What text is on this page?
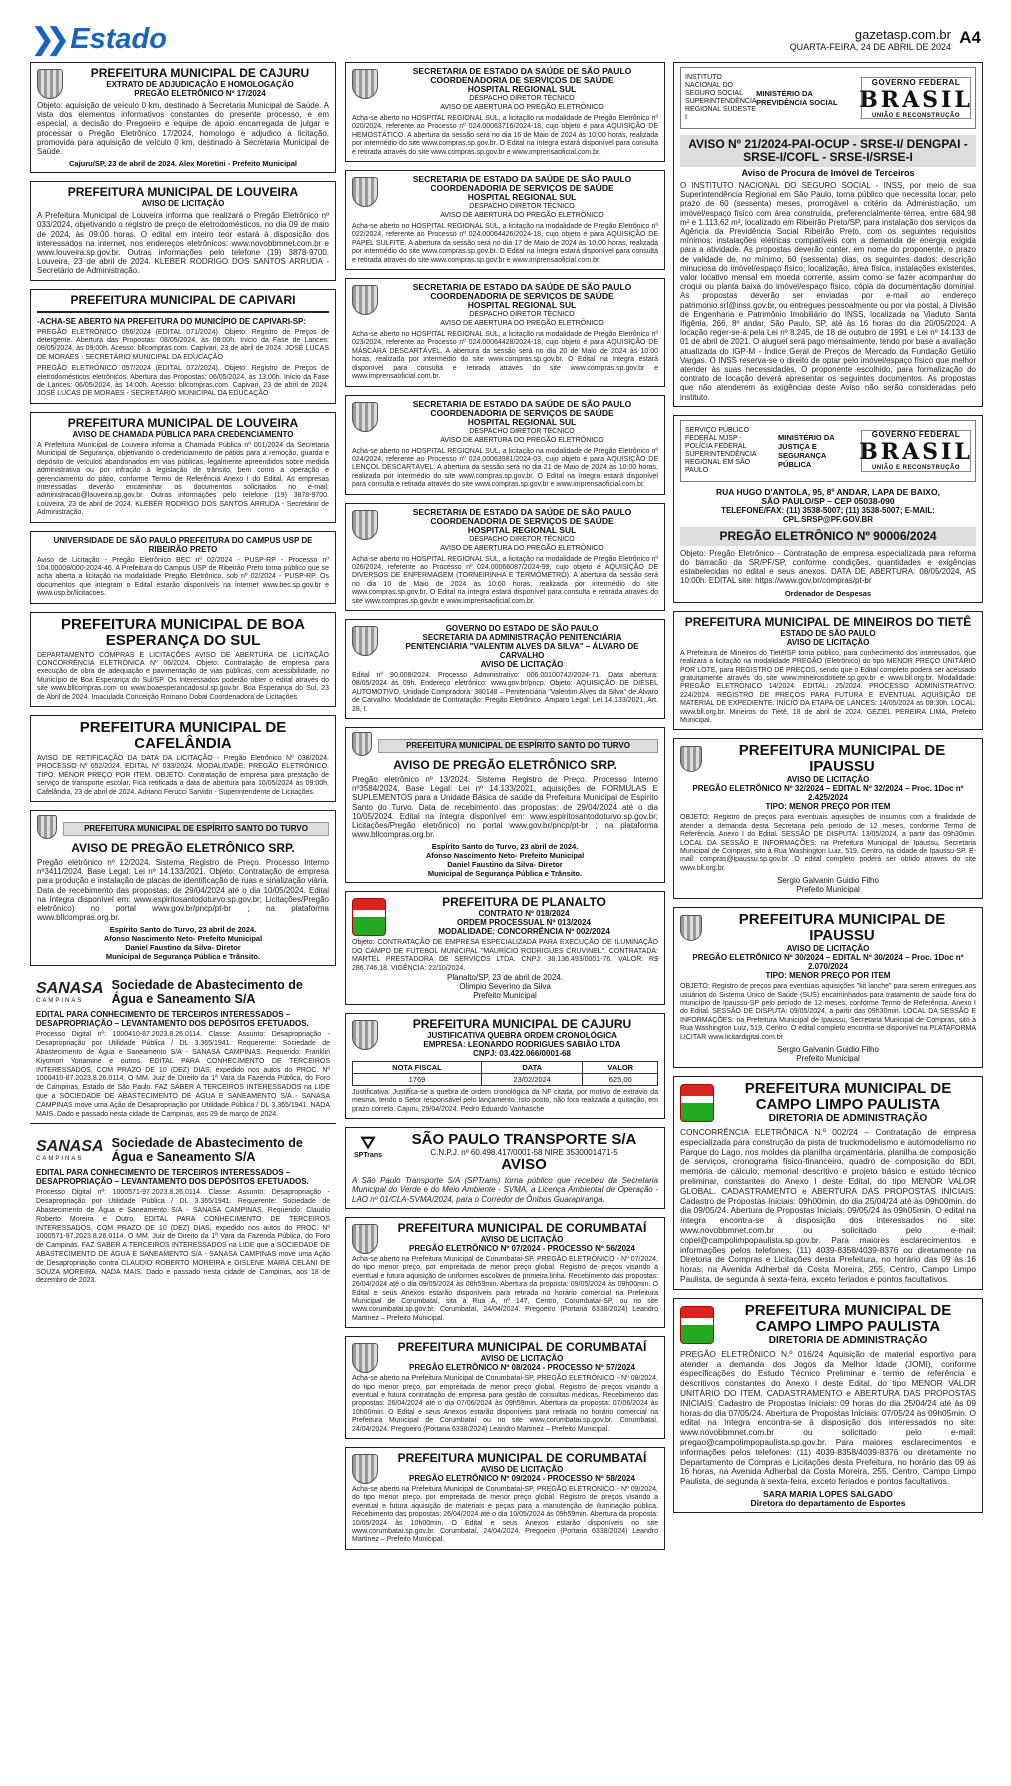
❯❯ Estado	gazetasp.com.br
QUARTA-FEIRA, 24 DE ABRIL DE 2024 A4
PREFEITURA MUNICIPAL DE CAJURU
EXTRATO DE ADJUDICAÇÃO E HOMOLOGAÇÃO
PREGÃO ELETRÔNICO Nº 17/2024
Objeto: aquisição de veículo 0 km, destinado à Secretaria Municipal de Saúde. A vista dos elementos informativos constantes do presente processo, e em especial, a decisão do Pregoeiro e equipe de apoio encarregada de julgar e processar o Pregão Eletrônico 17/2024, homologo e adjudico a licitação, promovida para aquisição de veículo 0 km, destinado à Secretaria Municipal de Saúde.
Cajuru/SP, 23 de abril de 2024. Alex Moretini - Prefeito Municipal
PREFEITURA MUNICIPAL DE LOUVEIRA
AVISO DE LICITAÇÃO
A Prefeitura Municipal de Louveira informa que realizará o Pregão Eletrônico nº 033/2024, objetivando o registro de preço de eletrodomésticos, no dia 09 de maio de 2024, às 09:00 horas. O edital em inteiro teor estará à disposição dos interessados na internet, nos endereços eletrônicos: www.novobbmnet.com.br e www.louveira.sp.gov.br. Outras informações pelo telefone (19) 3878-9700. Louveira, 23 de abril de 2024. KLEBER RODRIGO DOS SANTOS ARRUDA - Secretário de Administração.
PREFEITURA MUNICIPAL DE CAPIVARI
-ACHA-SE ABERTO NA PREFEITURA DO MUNICÍPIO DE CAPIVARI-SP:
PREGÃO ELETRÔNICO 056/2024 (EDITAL 071/2024). Objeto: Registro de Preços de detergente. Abertura das Propostas: 08/05/2024, às 08:00h. Início da Fase de Lances: 08/05/2024, às 09:00h. Acesso: bllcompras.com. Capivari, 23 de abril de 2024. JOSÉ LUCAS DE MORAES - SECRETÁRIO MUNICIPAL DA EDUCAÇÃO
PREGÃO ELETRÔNICO 057/2024 (EDITAL 072/2024). Objeto: Registro de Preços de eletrodomésticos eletrônicos. Abertura das Propostas: 06/05/2024, às 13:00h. Início da Fase de Lances: 06/05/2024, às 14:00h. Acesso: bllcompras.com. Capivari, 23 de abril de 2024. JOSÉ LUCAS DE MORAES - SECRETÁRIO MUNICIPAL DA EDUCAÇÃO
PREFEITURA MUNICIPAL DE LOUVEIRA
AVISO DE CHAMADA PÚBLICA PARA CREDENCIAMENTO
A Prefeitura Municipal de Louveira informa a Chamada Pública nº 001/2024 da Secretaria Municipal de Segurança, objetivando o credenciamento de pátios para a remoção, guarda e depósito de veículos abandonados em vias públicas, legalmente apreendidos sobre medida administrativa ou por infração à legislação de trânsito, bem como a operação e gerenciamento do pátio, conforme Termo de Referência Anexo I do Edital. As empresas interessadas deverão encaminhar os documentos solicitados no e-mail: administracao@louveira.sp.gov.br. Outras informações pelo telefone (19) 3878-9700. Louveira, 23 de abril de 2024. KLEBER RODRIGO DOS SANTOS ARRUDA - Secretário de Administração.
UNIVERSIDADE DE SÃO PAULO PREFEITURA DO CAMPUS USP DE RIBEIRÃO PRETO
Aviso de Licitação - Pregão Eletrônico BEC nº 02/2024 - PUSP-RP - Processo nº 104.00009/000-2024-46. A Prefeitura do Campus USP de Ribeirão Preto torna público que se acha aberta a licitação na modalidade Pregão Eletrônico, sob nº 02/2024 - PUSP-RP. Os documentos que integram o Edital estarão disponíveis na internet www.bec.sp.gov.br e www.usp.br/licitacoes.
PREFEITURA MUNICIPAL DE BOA ESPERANÇA DO SUL
DEPARTAMENTO COMPRAS E LICITAÇÕES AVISO DE ABERTURA DE LICITAÇÃO CONCORRÊNCIA ELETRÔNICA Nº 06/2024. Objeto: Contratação de empresa para execução de obra de adequação e pavimentação de vias públicas, com acessibilidade, no Município de Boa Esperança do Sul/SP. Os interessados poderão obter o edital através do site www.bllcompras.com ou www.boaesperancadosul.sp.gov.br. Boa Esperança do Sul, 23 de Abril de 2024. Imaculada Conceição Romano Dobai Coordenadora de Licitações.
PREFEITURA MUNICIPAL DE CAFELÂNDIA
AVISO DE RETIFICAÇÃO DA DATA DA LICITAÇÃO - Pregão Eletrônico Nº 038/2024. PROCESSO Nº 052/2024. EDITAL Nº 033/2024. MODALIDADE: PREGÃO ELETRÔNICO. TIPO: MENOR PREÇO POR ITEM. OBJETO: Contratação de empresa para prestação de serviço de transporte escolar. Fica retificada a data de abertura para 10/05/2024 às 09:00h. Cafelândia, 23 de abril de 2024. Adriano Ferucci Sarvido - Superintendente de Licitações.
PREFEITURA MUNICIPAL DE ESPÍRITO SANTO DO TURVO
AVISO DE PREGÃO ELETRÔNICO SRP.
Pregão eletrônico nº 12/2024. Sistema Registro de Preço. Processo Interno nº3411/2024. Base Legal: Lei nº 14.133/2021. Objeto: Contratação de empresa para produção e instalação de placas de identificação de ruas e sinalização viária. Data de recebimento das propostas: de 29/04/2024 até o dia 10/05/2024. Edital na íntegra disponível em: www.espiritosantodoturvo.sp.gov.br; Licitações/Pregão eletrônico) no portal www.gov.br/pncp/pt-br ; na plataforma www.bllcompras.org.br.
Espírito Santo do Turvo, 23 abril de 2024.
Afonso Nascimento Neto- Prefeito Municipal
Daniel Faustino da Silva- Diretor
Municipal de Segurança Pública e Trânsito.
SANASA
CAMPINAS
Sociedade de Abastecimento de Água e Saneamento S/A
EDITAL PARA CONHECIMENTO DE TERCEIROS INTERESSADOS – DESAPROPRIAÇÃO – LEVANTAMENTO DOS DEPÓSITOS EFETUADOS.
Processo Digital nº: 1000410-87.2023.8.26.0114. Classe: Assunto: Desapropriação - Desapropriação por Utilidade Pública / DL 3.365/1941. Requerente: Sociedade de Abastecimento de Água e Saneamento S/A - SANASA CAMPINAS. Requerido: Franklin Kiyomori Yonamine e outros. EDITAL PARA CONHECIMENTO DE TERCEIROS INTERESSADOS, COM PRAZO DE 10 (DEZ) DIAS, expedido nos autos do PROC. Nº 1000410-87.2023.8.26.0114. O MM. Juiz de Direito da 1ª Vara da Fazenda Pública, do Foro de Campinas, Estado de São Paulo. FAZ SABER A TERCEIROS INTERESSADOS na LIDE que a SOCIEDADE DE ABASTECIMENTO DE ÁGUA E SANEAMENTO S/A - SANASA CAMPINAS move uma Ação de Desapropriação por Utilidade Pública / DL 3.365/1941. NADA MAIS. Dado e passado nesta cidade de Campinas, aos 29 de março de 2024.
SANASA
CAMPINAS
Sociedade de Abastecimento de Água e Saneamento S/A
EDITAL PARA CONHECIMENTO DE TERCEIROS INTERESSADOS – DESAPROPRIAÇÃO – LEVANTAMENTO DOS DEPÓSITOS EFETUADOS.
Processo Digital nº: 1000571-97.2023.8.26.0114. Classe: Assunto: Desapropriação - Desapropriação por Utilidade Pública / DL 3.365/1941. Requerente: Sociedade de Abastecimento de Água e Saneamento S/A - SANASA CAMPINAS. Requerido: Claudio Roberto Moreira e Outro. EDITAL PARA CONHECIMENTO DE TERCEIROS INTERESSADOS, COM PRAZO DE 10 (DEZ) DIAS, expedido nos autos do PROC. Nº 1000571-97.2023.8.26.0114. O MM. Juiz de Direito da 1ª Vara da Fazenda Pública, do Foro de Campinas. FAZ SABER A TERCEIROS INTERESSADOS na LIDE que a SOCIEDADE DE ABASTECIMENTO DE ÁGUA E SANEAMENTO S/A - SANASA CAMPINAS move uma Ação de Desapropriação contra CLAUDIO ROBERTO MOREIRA e GISLENE MARIA CELANI DE SOUZA MOREIRA. NADA MAIS. Dado e passado nesta cidade de Campinas, aos 18 de dezembro de 2023.
SECRETARIA DE ESTADO DA SAÚDE DE SÃO PAULO
COORDENADORIA DE SERVIÇOS DE SAÚDE
HOSPITAL REGIONAL SUL
DESPACHO DIRETOR TÉCNICO
AVISO DE ABERTURA DO PREGÃO ELETRÔNICO
Acha-se aberto no HOSPITAL REGIONAL SUL, a licitação na modalidade de Pregão Eletrônico nº 020/2024, referente ao Processo nº 024.00063716/2024-18, cujo objeto é para AQUISIÇÃO DE HEMOSTÁTICO. A abertura da sessão será no dia 16 de Maio de 2024 às 10:00 horas, realizada por intermédio do site www.compras.sp.gov.br. O Edital na íntegra estará disponível para consulta e retirada através do site www.compras.sp.gov.br e www.imprensaoficial.com.br.
SECRETARIA DE ESTADO DA SAÚDE DE SÃO PAULO
COORDENADORIA DE SERVIÇOS DE SAÚDE
HOSPITAL REGIONAL SUL
DESPACHO DIRETOR TÉCNICO
AVISO DE ABERTURA DO PREGÃO ELETRÔNICO
Acha-se aberto no HOSPITAL REGIONAL SUL, a licitação na modalidade de Pregão Eletrônico nº 022/2024, referente ao Processo nº 024.00064426/2024-18, cujo objeto é para AQUISIÇÃO DE PAPEL SULFITE. A abertura da sessão será no dia 17 de Maio de 2024 às 10:00 horas, realizada por intermédio do site www.compras.sp.gov.br. O Edital na íntegra estará disponível para consulta e retirada através do site www.compras.sp.gov.br e www.imprensaoficial.com.br.
SECRETARIA DE ESTADO DA SAÚDE DE SÃO PAULO
COORDENADORIA DE SERVIÇOS DE SAÚDE
HOSPITAL REGIONAL SUL
DESPACHO DIRETOR TÉCNICO
AVISO DE ABERTURA DO PREGÃO ELETRÔNICO
Acha-se aberto no HOSPITAL REGIONAL SUL, a licitação na modalidade de Pregão Eletrônico nº 023/2024, referente ao Processo nº 024.00064428/2024-18, cujo objeto é para AQUISIÇÃO DE MÁSCARA DESCARTÁVEL. A abertura da sessão será no dia 20 de Maio de 2024 às 10:00 horas, realizada por intermédio do site www.compras.sp.gov.br. O Edital na íntegra estará disponível para consulta e retirada através do site www.compras.sp.gov.br e www.imprensaoficial.com.br.
SECRETARIA DE ESTADO DA SAÚDE DE SÃO PAULO
COORDENADORIA DE SERVIÇOS DE SAÚDE
HOSPITAL REGIONAL SUL
DESPACHO DIRETOR TÉCNICO
AVISO DE ABERTURA DO PREGÃO ELETRÔNICO
Acha-se aberto no HOSPITAL REGIONAL SUL, a licitação na modalidade de Pregão Eletrônico nº 024/2024, referente ao Processo nº 024.00063981/2024-03, cujo objeto é para AQUISIÇÃO DE LENÇOL DESCARTÁVEL. A abertura da sessão será no dia 21 de Maio de 2024 às 10:00 horas, realizada por intermédio do site www.compras.sp.gov.br. O Edital na íntegra estará disponível para consulta e retirada através do site www.compras.sp.gov.br e www.imprensaoficial.com.br.
SECRETARIA DE ESTADO DA SAÚDE DE SÃO PAULO
COORDENADORIA DE SERVIÇOS DE SAÚDE
HOSPITAL REGIONAL SUL
DESPACHO DIRETOR TÉCNICO
AVISO DE ABERTURA DO PREGÃO ELETRÔNICO
Acha-se aberto no HOSPITAL REGIONAL SUL, a licitação na modalidade de Pregão Eletrônico nº 026/2024, referente ao Processo nº 024.00066087/2024-99, cujo objeto é AQUISIÇÃO DE DIVERSOS DE ENFERMAGEM (TORNEIRINHA E TERMÔMETRO). A abertura da sessão será no dia 10 de Maio de 2024 às 10:00 horas, realizada por intermédio do site www.compras.sp.gov.br. O Edital na íntegra estará disponível para consulta e retirada através do site www.compras.sp.gov.br e www.imprensaoficial.com.br.
GOVERNO DO ESTADO DE SÃO PAULO
SECRETARIA DA ADMINISTRAÇÃO PENITENCIÁRIA
PENITENCIÁRIA "VALENTIM ALVES DA SILVA" – ÁLVARO DE CARVALHO
AVISO DE LICITAÇÃO
Edital nº 90.008/2024. Processo Administrativo: 006.00100742/2024-71. Data abertura: 08/05/2024 às 09h. Endereço eletrônico: www.gov.br/pncp. Objeto: AQUISIÇÃO DE DIESEL AUTOMOTIVO. Unidade Compradora: 380148 – Penitenciária "Valentim Alves da Silva" de Álvaro de Carvalho. Modalidade de Contratação: Pregão Eletrônico. Amparo Legal: Lei 14.133/2021, Art. 28, I.
PREFEITURA MUNICIPAL DE ESPÍRITO SANTO DO TURVO
AVISO DE PREGÃO ELETRÔNICO SRP.
Pregão eletrônico nº 13/2024. Sistema Registro de Preço. Processo Interno nº3584/2024. Base Legal: Lei nº 14.133/2021, aquisições de FORMULAS E SUPLEMENTOS para a Unidade Básica de saúde da Prefeitura Municipal de Espírito Santo do Turvo. Data de recebimento das propostas: de 29/04/2024 até o dia 10/05/2024. Edital na íntegra disponível em: www.espiritosantodoturvo.sp.gov.br; Licitações/Pregão eletrônico) no portal www.gov.br/pncp/pt-br ; na plataforma www.bllcompras.org.br.
Espírito Santo do Turvo, 23 abril de 2024.
Afonso Nascimento Neto- Prefeito Municipal
Daniel Faustino da Silva- Diretor
Municipal de Segurança Pública e Trânsito.
PREFEITURA DE PLANALTO
CONTRATO Nº 018/2024
ORDEM PROCESSUAL Nº 013/2024
MODALIDADE: CONCORRÊNCIA Nº 002/2024
Objeto: CONTRATAÇÃO DE EMPRESA ESPECIALIZADA PARA EXECUÇÃO DE ILUMINAÇÃO DO CAMPO DE FUTEBOL MUNICIPAL "MAURÍCIO RODRIGUES CRUVINEL". CONTRATADA: MARTEL PRESTADORA DE SERVIÇOS LTDA. CNPJ: 38.136.493/0001-76. VALOR: R$ 286.746,18. VIGÊNCIA: 22/10/2024.
Planalto/SP, 23 de abril de 2024.
Olimpio Severino da Silva
Prefeito Municipal
PREFEITURA MUNICIPAL DE CAJURU
JUSTIFICATIVA QUEBRA ORDEM CRONOLÓGICA
EMPRESA: LEONARDO RODRIGUES SABIÃO LTDA
CNPJ: 03.422.066/0001-68
NOTA FISCAL	DATA	VALOR
1769	23/02/2024	625,00
Justificativa: Justifica-se a quebra de ordem cronológica da NF citada, por motivo de extravio da mesma, tendo o Setor responsável pelo lançamento. Isto posto, não fora realizada a quitação, em prazo correto. Cajuru, 29/04/2024. Pedro Eduardo Vanhasche
⛛
SPTrans
SÃO PAULO TRANSPORTE S/A
C.N.P.J. nº 60.498.417/0001-58 NIRE 3530001471-5
AVISO
A São Paulo Transporte S/A (SPTrans) torna público que recebeu da Secretaria Municipal do Verde e do Meio Ambiente - SVMA, a Licença Ambiental de Operação - LAO nº 01/CLA-SVMA/2024, para o Corredor de Ônibus Guarapiranga.
PREFEITURA MUNICIPAL DE CORUMBATAÍ
AVISO DE LICITAÇÃO
PREGÃO ELETRÔNICO Nº 07/2024 - PROCESSO Nº 56/2024
Acha-se aberto na Prefeitura Municipal de Corumbataí-SP, PREGÃO ELETRÔNICO - Nº 07/2024, do tipo menor preço, por empreitada de menor preço global. Registro de preços visando a eventual e futura aquisição de uniformes escolares de primeira linha. Recebimento das propostas: 26/04/2024 até o dia 09/05/2024 às 08h59min. Abertura da proposta: 09/05/2024 às 09h00min. O Edital e seus Anexos estarão disponíveis para retirada no horário comercial na Prefeitura Municipal de Corumbataí, sita à Rua A, nº 147, Centro, Corumbataí-SP, ou no site www.corumbatai.sp.gov.br. Corumbataí, 24/04/2024. Pregoeiro (Portaria 6338/2024) Leandro Martinez – Prefeito Municipal.
PREFEITURA MUNICIPAL DE CORUMBATAÍ
AVISO DE LICITAÇÃO
PREGÃO ELETRÔNICO Nº 08/2024 - PROCESSO Nº 57/2024
Acha-se aberto na Prefeitura Municipal de Corumbataí-SP, PREGÃO ELETRÔNICO - Nº 08/2024, do tipo menor preço, por empreitada de menor preço global. Registro de preços visando a eventual e futura contratação de empresa para gestão de consultas médicas. Recebimento das propostas: 26/04/2024 até o dia 07/06/2024 às 09h59min. Abertura da proposta: 07/06/2024 às 10h00min. O Edital e seus Anexos estarão disponíveis para retirada no horário comercial na Prefeitura Municipal de Corumbataí ou no site www.corumbatai.sp.gov.br. Corumbataí, 24/04/2024. Pregoeiro (Portaria 6338/2024) Leandro Martinez – Prefeito Municipal.
PREFEITURA MUNICIPAL DE CORUMBATAÍ
AVISO DE LICITAÇÃO
PREGÃO ELETRÔNICO Nº 09/2024 - PROCESSO Nº 58/2024
Acha-se aberto na Prefeitura Municipal de Corumbataí-SP, PREGÃO ELETRÔNICO - Nº 09/2024, do tipo menor preço, por empreitada de menor preço global. Registro de preços visando a eventual e futura aquisição de materiais e peças para a manutenção de iluminação pública. Recebimento das propostas: 26/04/2024 até o dia 10/05/2024 às 09h59min. Abertura da proposta: 10/05/2024 às 10h00min. O Edital e seus Anexos estarão disponíveis no site www.corumbatai.sp.gov.br. Corumbataí, 24/04/2024. Pregoeiro (Portaria 6338/2024) Leandro Martinez – Prefeito Municipal.
INSTITUTO NACIONAL DO SEGURO SOCIAL SUPERINTENDÊNCIA REGIONAL SUDESTE I
MINISTÉRIO DA PREVIDÊNCIA SOCIAL
GOVERNO FEDERAL
BRASIL
UNIÃO E RECONSTRUÇÃO
AVISO Nº 21/2024-PAI-OCUP - SRSE-I/ DENGPAI - SRSE-I/COFL - SRSE-I/SRSE-I
Aviso de Procura de Imóvel de Terceiros
O INSTITUTO NACIONAL DO SEGURO SOCIAL - INSS, por meio de sua Superintendência Regional em São Paulo, torna público que necessita locar, pelo prazo de 60 (sessenta) meses, prorrogável a critério da Administração, um imóvel/espaço físico com área construída, preferencialmente térrea, entre 684,98 m² e 1.113,62 m², localizado em Ribeirão Preto/SP, para instalação dos serviços da Agência da Previdência Social Ribeirão Preto, com os seguintes requisitos mínimos: instalações elétricas compatíveis com a demanda de energia exigida para a atividade. As propostas deverão conter, em nome do proponente, o prazo de validade de, no mínimo, 60 (sessenta) dias, os seguintes dados: descrição minuciosa do imóvel/espaço físico, localização, área física, instalações existentes, valor locativo mensal em moeda corrente, assim como se fazer acompanhar do croqui ou planta baixa do imóvel/espaço físico, cópia da documentação dominial. As propostas deverão ser enviadas por e-mail ao endereço patrimonio.srI@inss.gov.br, ou entregues pessoalmente ou por via postal, à Divisão de Engenharia e Patrimônio Imobiliário do INSS, localizada na Viaduto Santa Ifigênia, 266, 8º andar, São Paulo, SP, até às 16 horas do dia 20/05/2024. A locação reger-se-á pela Lei nº 8.245, de 18 de outubro de 1991 e Lei nº 14.133 de 01 de abril de 2021. O aluguel será pago mensalmente, tendo por base a avaliação atualizada do IGP-M - Índice Geral de Preços de Mercado da Fundação Getúlio Vargas. O INSS reserva-se o direito de optar pelo imóvel/espaço físico que melhor atender às suas necessidades. O proponente escolhido, para formalização do contrato de locação deverá apresentar os seguintes documentos. As propostas que não atenderem às exigências deste Aviso não serão consideradas pelo instituto.
SERVIÇO PÚBLICO FEDERAL MJSP - POLÍCIA FEDERAL SUPERINTENDÊNCIA REGIONAL EM SÃO PAULO
MINISTÉRIO DA JUSTIÇA E SEGURANÇA PÚBLICA
GOVERNO FEDERAL
BRASIL
UNIÃO E RECONSTRUÇÃO
RUA HUGO D'ANTOLA, 95, 8º ANDAR, LAPA DE BAIXO,
SÃO PAULO/SP – CEP 05038-090
TELEFONE/FAX: (11) 3538-5007; (11) 3538-5007; E-MAIL: CPL.SRSP@PF.GOV.BR
PREGÃO ELETRÔNICO Nº 90006/2024
Objeto: Pregão Eletrônico - Contratação de empresa especializada para reforma do barracão da SR/PF/SP, conforme condições, quantidades e exigências estabelecidas no edital e seus anexos. DATA DE ABERTURA: 08/05/2024, AS 10:00h. EDITAL site: https://www.gov.br/compras/pt-br
Ordenador de Despesas
PREFEITURA MUNICIPAL DE MINEIROS DO TIETÊ
ESTADO DE SÃO PAULO
AVISO DE LICITAÇÃO
A Prefeitura de Mineiros do Tietê/SP torna público, para conhecimento dos interessados, que realizará a licitação na modalidade PREGÃO (Eletrônico) do tipo MENOR PREÇO UNITÁRIO POR LOTE, para REGISTRO DE PREÇOS, sendo que o Edital completo poderá ser acessado gratuitamente através do site www.mineirosdotiete.sp.gov.br e www.bll.org.br. Modalidade: PREGÃO ELETRÔNICO 14/2024. EDITAL: 25/2024. PROCESSO ADMINISTRATIVO: 224/2024. REGISTRO DE PREÇOS PARA FUTURA E EVENTUAL AQUISIÇÃO DE MATERIAL DE EXPEDIENTE. INÍCIO DA ETAPA DE LANCES: 14/05/2024 às 08:30h. LOCAL: www.bll.org.br. Mineiros do Tietê, 18 de abril de 2024. GEZIEL PEREIRA LIMA, Prefeito Municipal.
PREFEITURA MUNICIPAL DE IPAUSSU
AVISO DE LICITAÇÃO
PREGÃO ELETRÔNICO Nº 32/2024 – EDITAL Nº 32/2024 – Proc. 1Doc nº 2.425/2024
TIPO: MENOR PREÇO POR ITEM
OBJETO: Registro de preços para eventuais aquisições de insumos com a finalidade de atender a demanda desta Secretaria pelo período de 12 meses, conforme Termo de Referência, Anexo I do Edital. SESSÃO DE DISPUTA: 13/05/2024, a partir das 09h30min. LOCAL DA SESSÃO E INFORMAÇÕES: na Prefeitura Municipal de Ipaussu, Secretaria Municipal de Compras, sito à Rua Washington Luiz, 519, Centro, na cidade de Ipaussu-SP. E-mail: compras@ipaussu.sp.gov.br. O edital completo poderá ser obtido através do site www.bll.org.br.
Sergio Galvanin Guidio Filho
Prefeito Municipal
PREFEITURA MUNICIPAL DE IPAUSSU
AVISO DE LICITAÇÃO
PREGÃO ELETRÔNICO Nº 30/2024 – EDITAL Nº 30/2024 – Proc. 1Doc nº 2.070/2024
TIPO: MENOR PREÇO POR ITEM
OBJETO: Registro de preços para eventuais aquisições "kit lanche" para serem entregues aos usuários do Sistema Único de Saúde (SUS) encaminhados para tratamento de saúde fora do município de Ipaussu-SP pelo período de 12 meses, conforme Termo de Referência, Anexo I do Edital. SESSÃO DE DISPUTA: 09/05/2024, a partir das 09h30min. LOCAL DA SESSÃO E INFORMAÇÕES: na Prefeitura Municipal de Ipaussu, Secretaria Municipal de Compras, sito à Rua Washington Luiz, 519, Centro. O edital completo encontra-se disponível na PLATAFORMA LICITAR www.licitardigital.com.br
Sergio Galvanin Guidio Filho
Prefeito Municipal
PREFEITURA MUNICIPAL DE CAMPO LIMPO PAULISTA
DIRETORIA DE ADMINISTRAÇÃO
CONCORRÊNCIA ELETRÔNICA N.º 002/24 – Contratação de empresa especializada para construção da pista de truckmodelismo e automodelismo no Parque do Lago, nos moldes da planilha orçamentária, planilha de composição de serviços, cronograma físico-financeiro, quadro de composição do BDI, memória de cálculo, memorial descritivo e projeto básico e estudo técnico preliminar, constantes do Anexo I deste Edital, do tipo MENOR VALOR GLOBAL. CADASTRAMENTO e ABERTURA DAS PROPOSTAS INICIAIS: Cadastro de Propostas Iniciais: 09h00min. do dia 25/04/24 até às 09h00min. do dia 09/05/24. Abertura de Propostas Iniciais: 09/05/24 às 09h05min. O edital na íntegra encontra-se à disposição dos interessados no site: www.novobbmnet.com.br ou solicitado pelo e-mail: copel@campolimpopaulista.sp.gov.br. Para maiores esclarecimentos e informações pelos telefones: (11) 4039-8358/4039-8376 ou diretamente na Diretoria de Compras e Licitações desta Prefeitura, no horário das 09 às 16 horas, na Avenida Adherbal da Costa Moreira, 255, Centro, Campo Limpo Paulista, de segunda à sexta-feira, exceto feriados e pontos facultativos.
PREFEITURA MUNICIPAL DE CAMPO LIMPO PAULISTA
DIRETORIA DE ADMINISTRAÇÃO
PREGÃO ELETRÔNICO N.º 016/24 Aquisição de material esportivo para atender a demanda dos Jogos da Melhor Idade (JOMI), conforme especificações do Estudo Técnico Preliminar e termo de referência e descritivos constantes do Anexo I deste Edital, do tipo MENOR VALOR UNITÁRIO DO ITEM. CADASTRAMENTO e ABERTURA DAS PROPOSTAS INICIAIS: Cadastro de Propostas Iniciais: 09 horas do dia 25/04/24 até às 09 horas do dia 07/05/24. Abertura de Propostas Iniciais: 07/05/24 às 09h05min. O edital na íntegra encontra-se à disposição dos interessados no site: www.novobbmnet.com.br ou solicitado pelo e-mail: pregao@campolimpopaulista.sp.gov.br. Para maiores esclarecimentos e informações pelos telefones: (11) 4039-8358/4039-8376 ou diretamente no Departamento de Compras e Licitações desta Prefeitura, no horário das 09 às 16 horas, na Avenida Adherbal da Costa Moreira, 255, Centro, Campo Limpo Paulista, de segunda à sexta-feira, exceto feriados e pontos facultativos.
SARA MARIA LOPES SALGADO
Diretora do departamento de Esportes
